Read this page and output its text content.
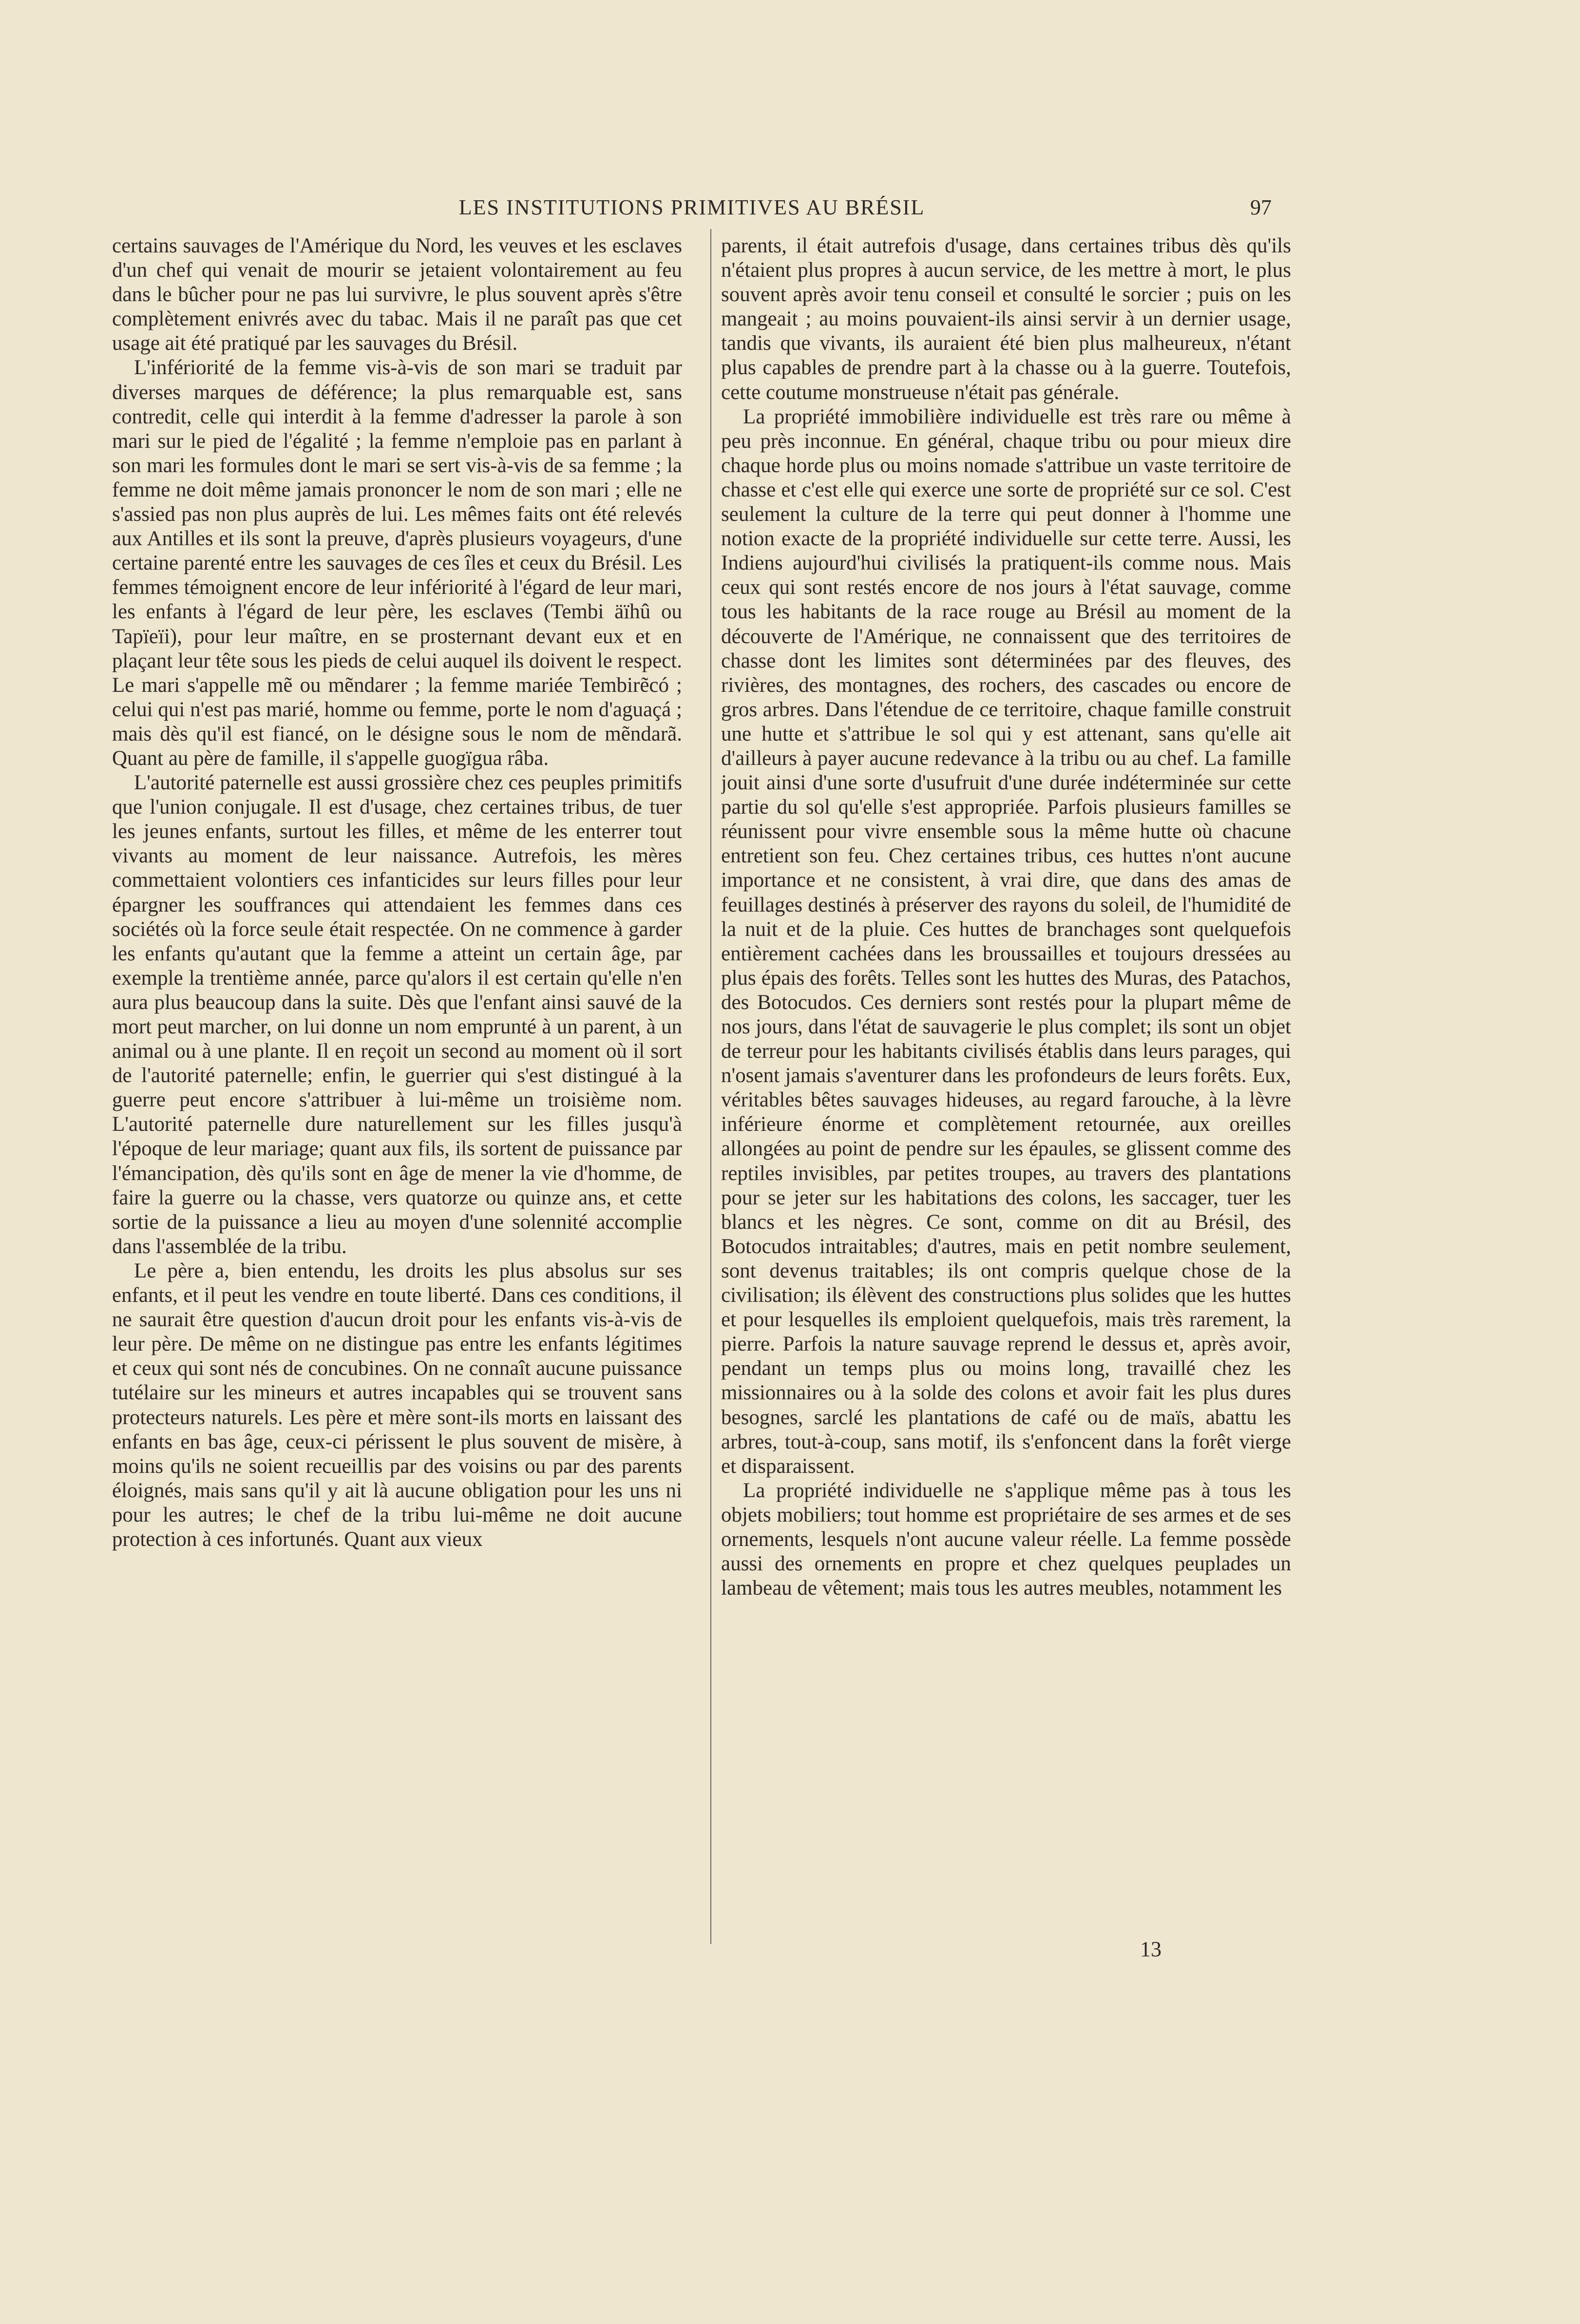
LES INSTITUTIONS PRIMITIVES AU BRÉSIL	97

certains sauvages de l'Amérique du Nord, les veuves et les esclaves d'un chef qui venait de mourir se jetaient volontairement au feu dans le bûcher pour ne pas lui survivre, le plus souvent après s'être complètement enivrés avec du tabac. Mais il ne paraît pas que cet usage ait été pratiqué par les sauvages du Brésil.

L'infériorité de la femme vis-à-vis de son mari se traduit par diverses marques de déférence; la plus remarquable est, sans contredit, celle qui interdit à la femme d'adresser la parole à son mari sur le pied de l'égalité ; la femme n'emploie pas en parlant à son mari les formules dont le mari se sert vis-à-vis de sa femme ; la femme ne doit même jamais prononcer le nom de son mari ; elle ne s'assied pas non plus auprès de lui. Les mêmes faits ont été relevés aux Antilles et ils sont la preuve, d'après plusieurs voyageurs, d'une certaine parenté entre les sauvages de ces îles et ceux du Brésil. Les femmes témoignent encore de leur infériorité à l'égard de leur mari, les enfants à l'égard de leur père, les esclaves (Tembi äïhû ou Tapïeïi), pour leur maître, en se prosternant devant eux et en plaçant leur tête sous les pieds de celui auquel ils doivent le respect. Le mari s'appelle mẽ ou mẽndarer ; la femme mariée Tembirẽcó ; celui qui n'est pas marié, homme ou femme, porte le nom d'aguaçá ; mais dès qu'il est fiancé, on le désigne sous le nom de mẽndarã. Quant au père de famille, il s'appelle guogïgua râba.

L'autorité paternelle est aussi grossière chez ces peuples primitifs que l'union conjugale. Il est d'usage, chez certaines tribus, de tuer les jeunes enfants, surtout les filles, et même de les enterrer tout vivants au moment de leur naissance. Autrefois, les mères commettaient volontiers ces infanticides sur leurs filles pour leur épargner les souffrances qui attendaient les femmes dans ces sociétés où la force seule était respectée. On ne commence à garder les enfants qu'autant que la femme a atteint un certain âge, par exemple la trentième année, parce qu'alors il est certain qu'elle n'en aura plus beaucoup dans la suite. Dès que l'enfant ainsi sauvé de la mort peut marcher, on lui donne un nom emprunté à un parent, à un animal ou à une plante. Il en reçoit un second au moment où il sort de l'autorité paternelle; enfin, le guerrier qui s'est distingué à la guerre peut encore s'attribuer à lui-même un troisième nom. L'autorité paternelle dure naturellement sur les filles jusqu'à l'époque de leur mariage; quant aux fils, ils sortent de puissance par l'émancipation, dès qu'ils sont en âge de mener la vie d'homme, de faire la guerre ou la chasse, vers quatorze ou quinze ans, et cette sortie de la puissance a lieu au moyen d'une solennité accomplie dans l'assemblée de la tribu.

Le père a, bien entendu, les droits les plus absolus sur ses enfants, et il peut les vendre en toute liberté. Dans ces conditions, il ne saurait être question d'aucun droit pour les enfants vis-à-vis de leur père. De même on ne distingue pas entre les enfants légitimes et ceux qui sont nés de concubines. On ne connaît aucune puissance tutélaire sur les mineurs et autres incapables qui se trouvent sans protecteurs naturels. Les père et mère sont-ils morts en laissant des enfants en bas âge, ceux-ci périssent le plus souvent de misère, à moins qu'ils ne soient recueillis par des voisins ou par des parents éloignés, mais sans qu'il y ait là aucune obligation pour les uns ni pour les autres; le chef de la tribu lui-même ne doit aucune protection à ces infortunés. Quant aux vieux

parents, il était autrefois d'usage, dans certaines tribus dès qu'ils n'étaient plus propres à aucun service, de les mettre à mort, le plus souvent après avoir tenu conseil et consulté le sorcier ; puis on les mangeait ; au moins pouvaient-ils ainsi servir à un dernier usage, tandis que vivants, ils auraient été bien plus malheureux, n'étant plus capables de prendre part à la chasse ou à la guerre. Toutefois, cette coutume monstrueuse n'était pas générale.

La propriété immobilière individuelle est très rare ou même à peu près inconnue. En général, chaque tribu ou pour mieux dire chaque horde plus ou moins nomade s'attribue un vaste territoire de chasse et c'est elle qui exerce une sorte de propriété sur ce sol. C'est seulement la culture de la terre qui peut donner à l'homme une notion exacte de la propriété individuelle sur cette terre. Aussi, les Indiens aujourd'hui civilisés la pratiquent-ils comme nous. Mais ceux qui sont restés encore de nos jours à l'état sauvage, comme tous les habitants de la race rouge au Brésil au moment de la découverte de l'Amérique, ne connaissent que des territoires de chasse dont les limites sont déterminées par des fleuves, des rivières, des montagnes, des rochers, des cascades ou encore de gros arbres. Dans l'étendue de ce territoire, chaque famille construit une hutte et s'attribue le sol qui y est attenant, sans qu'elle ait d'ailleurs à payer aucune redevance à la tribu ou au chef. La famille jouit ainsi d'une sorte d'usufruit d'une durée indéterminée sur cette partie du sol qu'elle s'est appropriée. Parfois plusieurs familles se réunissent pour vivre ensemble sous la même hutte où chacune entretient son feu. Chez certaines tribus, ces huttes n'ont aucune importance et ne consistent, à vrai dire, que dans des amas de feuillages destinés à préserver des rayons du soleil, de l'humidité de la nuit et de la pluie. Ces huttes de branchages sont quelquefois entièrement cachées dans les broussailles et toujours dressées au plus épais des forêts. Telles sont les huttes des Muras, des Patachos, des Botocudos. Ces derniers sont restés pour la plupart même de nos jours, dans l'état de sauvagerie le plus complet; ils sont un objet de terreur pour les habitants civilisés établis dans leurs parages, qui n'osent jamais s'aventurer dans les profondeurs de leurs forêts. Eux, véritables bêtes sauvages hideuses, au regard farouche, à la lèvre inférieure énorme et complètement retournée, aux oreilles allongées au point de pendre sur les épaules, se glissent comme des reptiles invisibles, par petites troupes, au travers des plantations pour se jeter sur les habitations des colons, les saccager, tuer les blancs et les nègres. Ce sont, comme on dit au Brésil, des Botocudos intraitables; d'autres, mais en petit nombre seulement, sont devenus traitables; ils ont compris quelque chose de la civilisation; ils élèvent des constructions plus solides que les huttes et pour lesquelles ils emploient quelquefois, mais très rarement, la pierre. Parfois la nature sauvage reprend le dessus et, après avoir, pendant un temps plus ou moins long, travaillé chez les missionnaires ou à la solde des colons et avoir fait les plus dures besognes, sarclé les plantations de café ou de maïs, abattu les arbres, tout-à-coup, sans motif, ils s'enfoncent dans la forêt vierge et disparaissent.

La propriété individuelle ne s'applique même pas à tous les objets mobiliers; tout homme est propriétaire de ses armes et de ses ornements, lesquels n'ont aucune valeur réelle. La femme possède aussi des ornements en propre et chez quelques peuplades un lambeau de vêtement; mais tous les autres meubles, notamment les

13
